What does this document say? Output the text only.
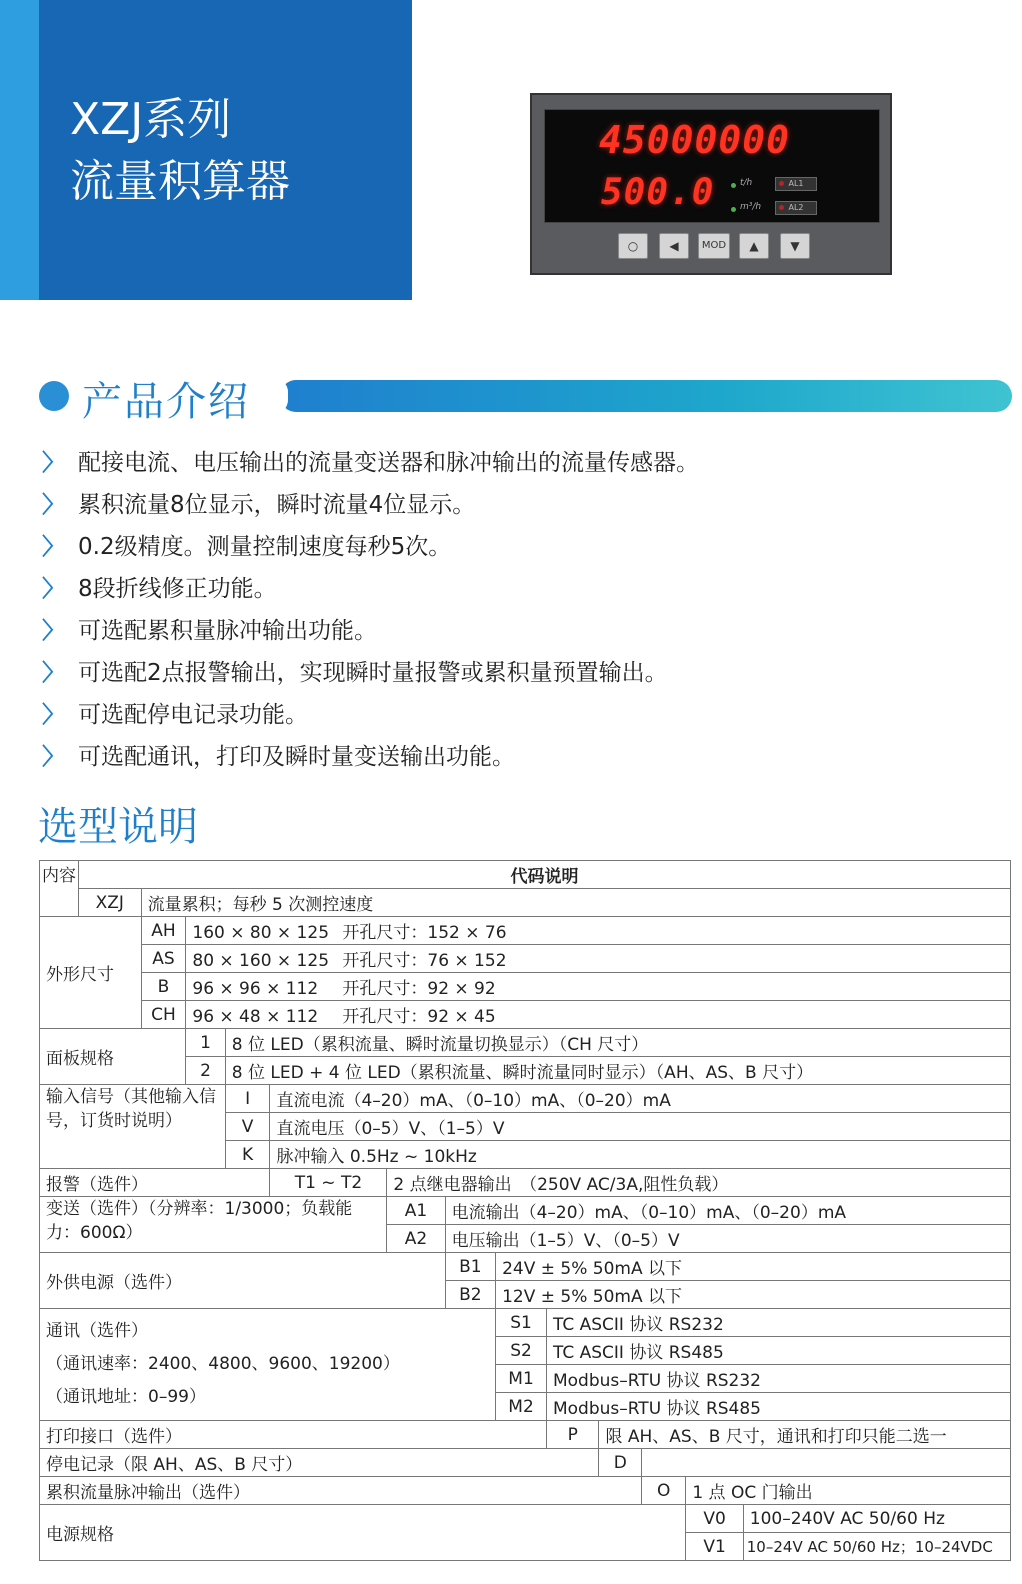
XZJ系列
流量积算器
45000000
500.0	t/h
m³/h
AL1
AL2
○	◀	MOD	▲	▼
产品介绍
〉 配接电流、电压输出的流量变送器和脉冲输出的流量传感器。
〉 累积流量8位显示，瞬时流量4位显示。
〉 0.2级精度。测量控制速度每秒5次。
〉 8段折线修正功能。
〉 可选配累积量脉冲输出功能。
〉 可选配2点报警输出，实现瞬时量报警或累积量预置输出。
〉 可选配停电记录功能。
〉 可选配通讯，打印及瞬时量变送输出功能。
选型说明
内容	代码说明												
	XZJ	流量累积；每秒 5 次测控速度											
外形尺寸		AH	160 × 80 × 125 开孔尺寸：152 × 76										
		AS	80 × 160 × 125 开孔尺寸：76 × 152										
		B	96 × 96 × 112 开孔尺寸：92 × 92										
		CH	96 × 48 × 112 开孔尺寸：92 × 45										
面板规格			1	8 位 LED（累积流量、瞬时流量切换显示）（CH 尺寸）									
			2	8 位 LED + 4 位 LED（累积流量、瞬时流量同时显示）（AH、AS、B 尺寸）									
输入信号（其他输入信号，订货时说明）				I	直流电流（4–20）mA、（0–10）mA、（0–20）mA								
				V	直流电压（0–5）V、（1–5）V								
				K	脉冲输入 0.5Hz ~ 10kHz								
报警（选件）					T1 ~ T2	2 点继电器输出　（250V AC/3A,阻性负载）							
变送（选件）（分辨率：1/3000；负载能力：600Ω）						A1	电流输出（4–20）mA、（0–10）mA、（0–20）mA						
						A2	电压输出（1–5）V、（0–5）V						
外供电源（选件）							B1	24V ± 5% 50mA 以下					
							B2	12V ± 5% 50mA 以下					

通讯（选件）
（通讯速率：2400、4800、9600、19200）
（通讯地址：0–99）								S1	TC ASCII 协议 RS232				
								S2	TC ASCII 协议 RS485				
								M1	Modbus–RTU 协议 RS232				
								M2	Modbus–RTU 协议 RS485				
打印接口（选件）									P	限 AH、AS、B 尺寸，通讯和打印只能二选一			
停电记录（限 AH、AS、B 尺寸）										D			
累积流量脉冲输出（选件）											O	1 点 OC 门输出	
电源规格												V0	100–240V AC 50/60 Hz
												V1	10–24V AC 50/60 Hz；10–24VDC
